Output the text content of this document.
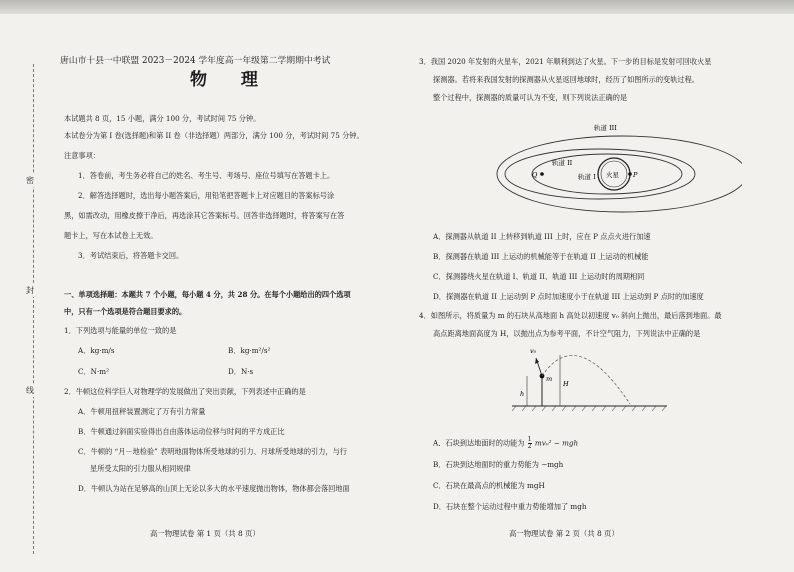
密
封
线
唐山市十县一中联盟 2023－2024 学年度高一年级第二学期期中考试
物 理
本试题共 8 页，15 小题，满分 100 分，考试时间 75 分钟。
本试卷分为第 I 卷(选择题)和第 II 卷（非选择题）两部分，满分 100 分，考试时间 75 分钟。
注意事项：
1．答卷前，考生务必将自己的姓名、考生号、考场号、座位号填写在答题卡上。
2．解答选择题时，选出每小题答案后，用铅笔把答题卡上对应题目的答案标号涂
黑，如需改动，用橡皮擦干净后，再选涂其它答案标号。回答非选择题时，将答案写在答
题卡上，写在本试卷上无效。
3．考试结束后，将答题卡交回。
一、单项选择题：本题共 7 个小题，每小题 4 分，共 28 分。在每个小题给出的四个选项
中，只有一个选项是符合题目要求的。
1．下列选项与能量的单位一致的是
A．kg·m/s	B．kg·m²/s²
C．N·m²	D．N·s
2．牛顿这位科学巨人对物理学的发展做出了突出贡献，下列表述中正确的是
A．牛顿用扭秤装置测定了万有引力常量
B．牛顿通过斜面实验得出自由落体运动位移与时间的平方成正比
C．牛顿的 “月－地检验” 表明地面物体所受地球的引力、月球所受地球的引力，与行
星所受太阳的引力服从相同规律
D．牛顿认为站在足够高的山顶上无论以多大的水平速度抛出物体，物体都会落回地面
高一物理试卷 第 1 页（共 8 页）
3．我国 2020 年发射的火星车，2021 年顺利到达了火星。下一步的目标是发射可回收火星
探测器。若将来我国发射的探测器从火星返回地球时，经历了如图所示的变轨过程。
整个过程中，探测器的质量可认为不变，则下列说法正确的是
轨道 III
轨道 II
轨道 I 火星 P
Q
A．探测器从轨道 II 上转移到轨道 III 上时，应在 P 点点火进行加速
B．探测器在轨道 III 上运动的机械能等于在轨道 II 上运动的机械能
C．探测器绕火星在轨道 I、轨道 II、轨道 III 上运动时的周期相同
D．探测器在轨道 II 上运动到 P 点时加速度小于在轨道 III 上运动到 P 点时的加速度
4．如图所示，将质量为 m 的石块从高地面 h 高处以初速度 v₀ 斜向上抛出，最后落到地面。最
高点距离地面高度为 H，以抛出点为参考平面，不计空气阻力，下列说法中正确的是
v₀
m
h
H
A．石块到达地面时的动能为 $\frac{1}{2} mv_0^2$ − mgh
B．石块到达地面时的重力势能为 −mgh
C．石块在最高点的机械能为 mgH
D．石块在整个运动过程中重力势能增加了 mgh
高一物理试卷 第 2 页（共 8 页）
